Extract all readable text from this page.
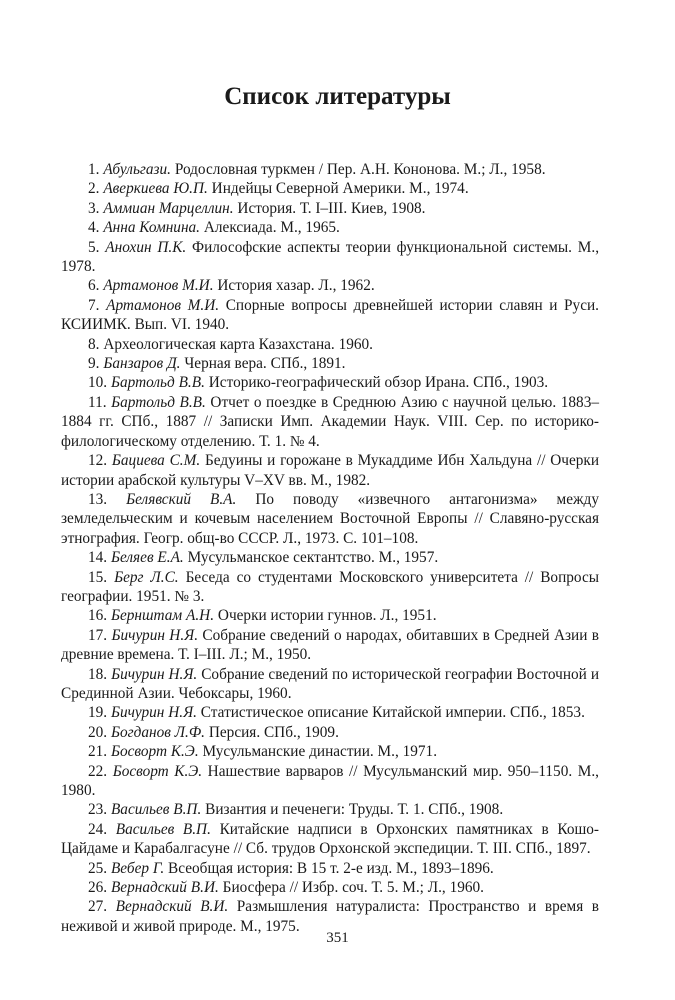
Список литературы
1. Абульгази. Родословная туркмен / Пер. А.Н. Кононова. М.; Л., 1958.
2. Аверкиева Ю.П. Индейцы Северной Америки. М., 1974.
3. Аммиан Марцеллин. История. Т. I–III. Киев, 1908.
4. Анна Комнина. Алексиада. М., 1965.
5. Анохин П.К. Философские аспекты теории функциональной системы. М., 1978.
6. Артамонов М.И. История хазар. Л., 1962.
7. Артамонов М.И. Спорные вопросы древнейшей истории славян и Руси. КСИИМК. Вып. VI. 1940.
8. Археологическая карта Казахстана. 1960.
9. Банзаров Д. Черная вера. СПб., 1891.
10. Бартольд В.В. Историко-географический обзор Ирана. СПб., 1903.
11. Бартольд В.В. Отчет о поездке в Среднюю Азию с научной целью. 1883–1884 гг. СПб., 1887 // Записки Имп. Академии Наук. VIII. Сер. по историко-филологическому отделению. Т. 1. № 4.
12. Бациева С.М. Бедуины и горожане в Мукаддиме Ибн Хальдуна // Очерки истории арабской культуры V–XV вв. М., 1982.
13. Белявский В.А. По поводу «извечного антагонизма» между земледельческим и кочевым населением Восточной Европы // Славяно-русская этнография. Геогр. общ-во СССР. Л., 1973. С. 101–108.
14. Беляев Е.А. Мусульманское сектантство. М., 1957.
15. Берг Л.С. Беседа со студентами Московского университета // Вопросы географии. 1951. № 3.
16. Бернштам А.Н. Очерки истории гуннов. Л., 1951.
17. Бичурин Н.Я. Собрание сведений о народах, обитавших в Средней Азии в древние времена. Т. I–III. Л.; М., 1950.
18. Бичурин Н.Я. Собрание сведений по исторической географии Восточной и Срединной Азии. Чебоксары, 1960.
19. Бичурин Н.Я. Статистическое описание Китайской империи. СПб., 1853.
20. Богданов Л.Ф. Персия. СПб., 1909.
21. Босворт К.Э. Мусульманские династии. М., 1971.
22. Босворт К.Э. Нашествие варваров // Мусульманский мир. 950–1150. М., 1980.
23. Васильев В.П. Византия и печенеги: Труды. Т. 1. СПб., 1908.
24. Васильев В.П. Китайские надписи в Орхонских памятниках в Кошо-Цайдаме и Карабалгасуне // Сб. трудов Орхонской экспедиции. Т. III. СПб., 1897.
25. Вебер Г. Всеобщая история: В 15 т. 2-е изд. М., 1893–1896.
26. Вернадский В.И. Биосфера // Избр. соч. Т. 5. М.; Л., 1960.
27. Вернадский В.И. Размышления натуралиста: Пространство и время в неживой и живой природе. М., 1975.
351
